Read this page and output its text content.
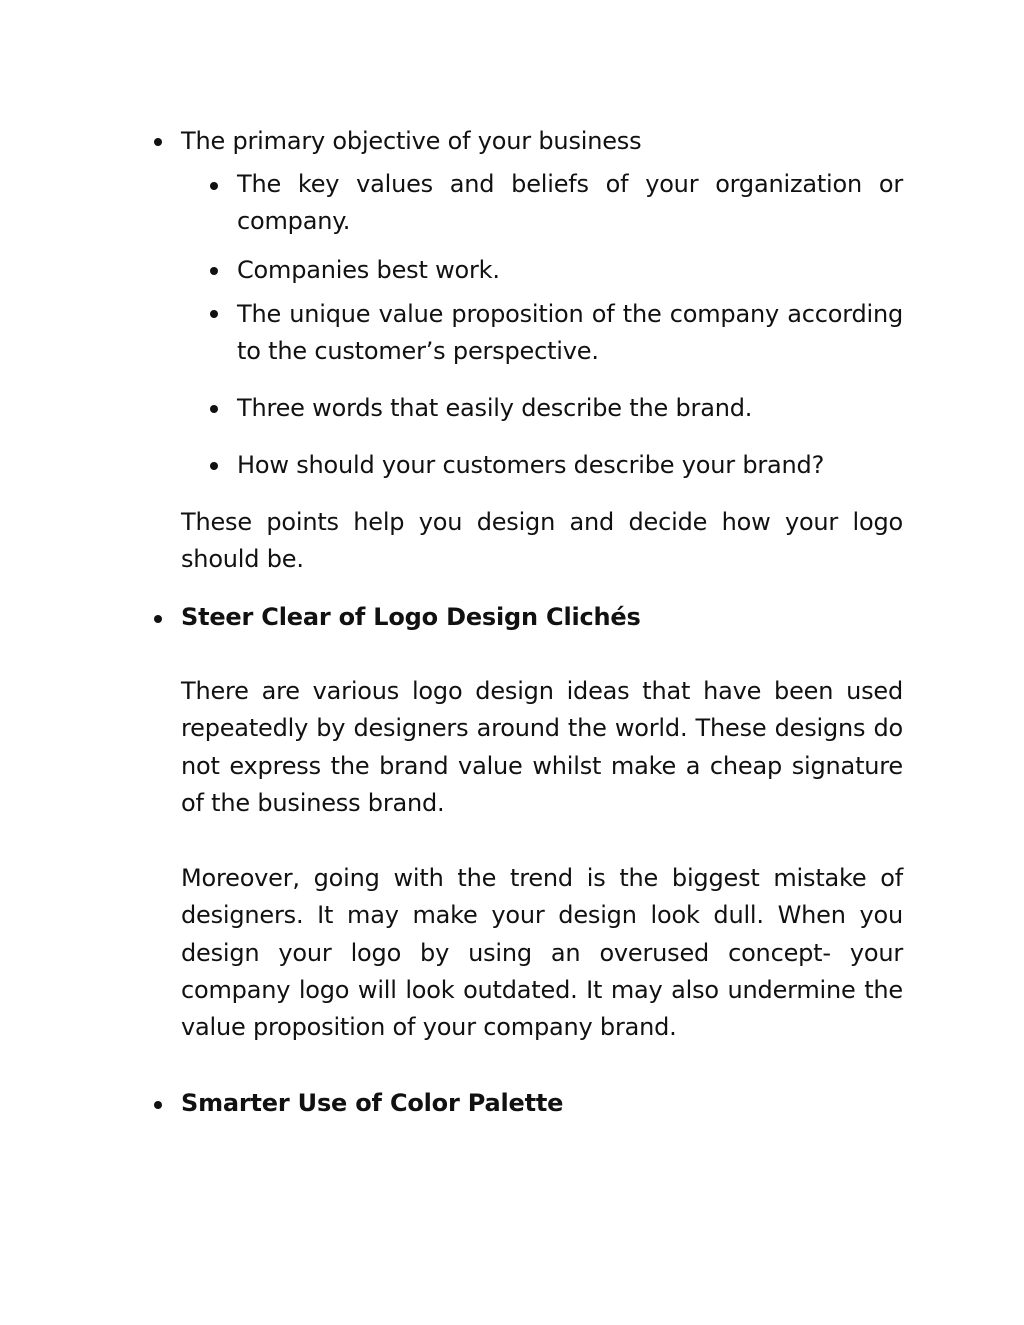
The primary objective of your business
The key values and beliefs of your organization or company.
Companies best work.
The unique value proposition of the company according to the customer’s perspective.
Three words that easily describe the brand.
How should your customers describe your brand?
These points help you design and decide how your logo should be.
Steer Clear of Logo Design Clichés
There are various logo design ideas that have been used repeatedly by designers around the world. These designs do not express the brand value whilst make a cheap signature of the business brand.
Moreover, going with the trend is the biggest mistake of designers. It may make your design look dull. When you design your logo by using an overused concept- your company logo will look outdated. It may also undermine the value proposition of your company brand.
Smarter Use of Color Palette
